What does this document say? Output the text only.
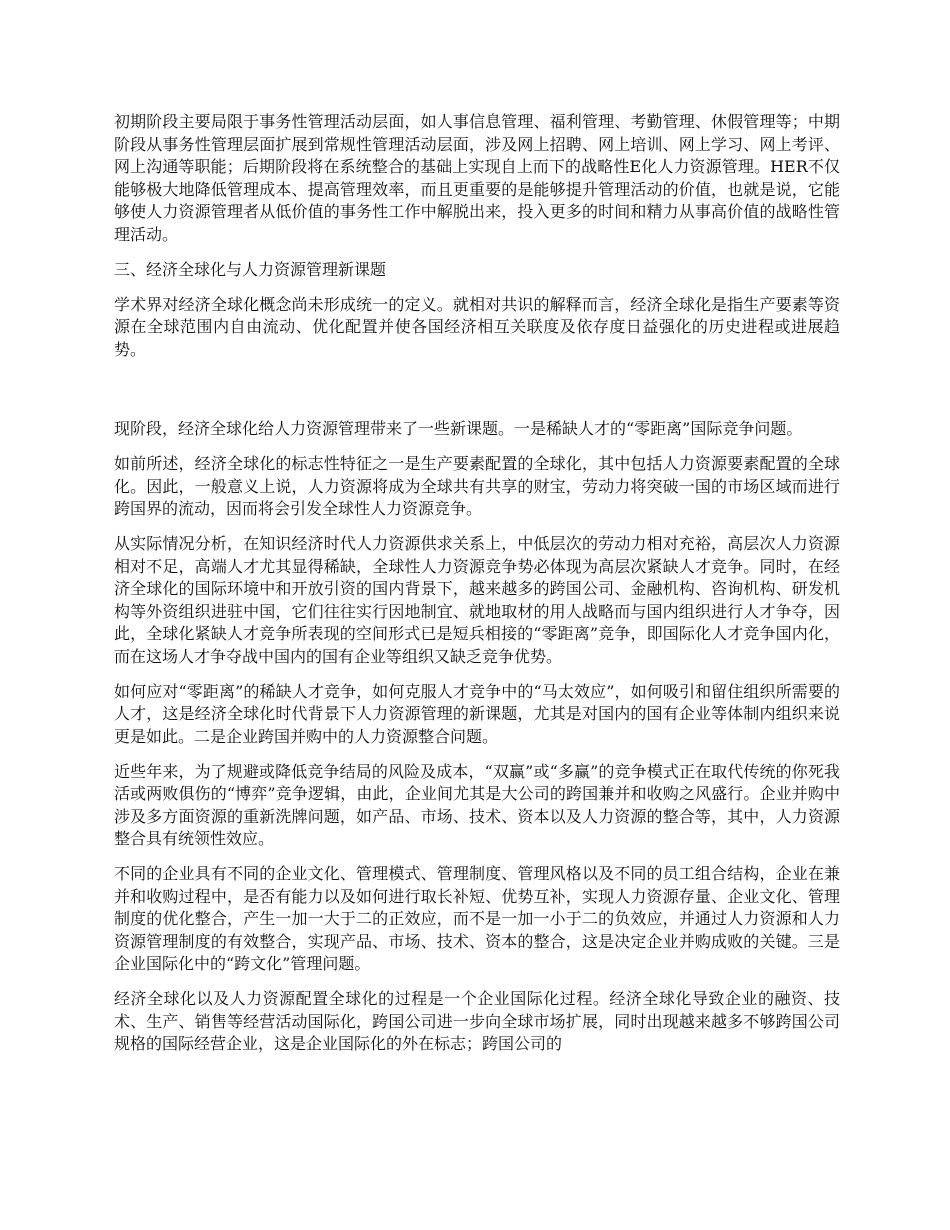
初期阶段主要局限于事务性管理活动层面，如人事信息管理、福利管理、考勤管理、休假管理等；中期阶段从事务性管理层面扩展到常规性管理活动层面，涉及网上招聘、网上培训、网上学习、网上考评、网上沟通等职能；后期阶段将在系统整合的基础上实现自上而下的战略性E化人力资源管理。HER不仅能够极大地降低管理成本、提高管理效率，而且更重要的是能够提升管理活动的价值，也就是说，它能够使人力资源管理者从低价值的事务性工作中解脱出来，投入更多的时间和精力从事高价值的战略性管理活动。

三、经济全球化与人力资源管理新课题

学术界对经济全球化概念尚未形成统一的定义。就相对共识的解释而言，经济全球化是指生产要素等资源在全球范围内自由流动、优化配置并使各国经济相互关联度及依存度日益强化的历史进程或进展趋势。

现阶段，经济全球化给人力资源管理带来了一些新课题。一是稀缺人才的“零距离”国际竞争问题。

如前所述，经济全球化的标志性特征之一是生产要素配置的全球化，其中包括人力资源要素配置的全球化。因此，一般意义上说，人力资源将成为全球共有共享的财宝，劳动力将突破一国的市场区域而进行跨国界的流动，因而将会引发全球性人力资源竞争。

从实际情况分析，在知识经济时代人力资源供求关系上，中低层次的劳动力相对充裕，高层次人力资源相对不足，高端人才尤其显得稀缺，全球性人力资源竞争势必体现为高层次紧缺人才竞争。同时，在经济全球化的国际环境中和开放引资的国内背景下，越来越多的跨国公司、金融机构、咨询机构、研发机构等外资组织进驻中国，它们往往实行因地制宜、就地取材的用人战略而与国内组织进行人才争夺，因此，全球化紧缺人才竞争所表现的空间形式已是短兵相接的“零距离”竞争，即国际化人才竞争国内化，而在这场人才争夺战中国内的国有企业等组织又缺乏竞争优势。

如何应对“零距离”的稀缺人才竞争，如何克服人才竞争中的“马太效应”，如何吸引和留住组织所需要的人才，这是经济全球化时代背景下人力资源管理的新课题，尤其是对国内的国有企业等体制内组织来说更是如此。二是企业跨国并购中的人力资源整合问题。

近些年来，为了规避或降低竞争结局的风险及成本，“双赢”或“多赢”的竞争模式正在取代传统的你死我活或两败俱伤的“博弈”竞争逻辑，由此，企业间尤其是大公司的跨国兼并和收购之风盛行。企业并购中涉及多方面资源的重新洗牌问题，如产品、市场、技术、资本以及人力资源的整合等，其中，人力资源整合具有统领性效应。

不同的企业具有不同的企业文化、管理模式、管理制度、管理风格以及不同的员工组合结构，企业在兼并和收购过程中，是否有能力以及如何进行取长补短、优势互补，实现人力资源存量、企业文化、管理制度的优化整合，产生一加一大于二的正效应，而不是一加一小于二的负效应，并通过人力资源和人力资源管理制度的有效整合，实现产品、市场、技术、资本的整合，这是决定企业并购成败的关键。三是企业国际化中的“跨文化”管理问题。

经济全球化以及人力资源配置全球化的过程是一个企业国际化过程。经济全球化导致企业的融资、技术、生产、销售等经营活动国际化，跨国公司进一步向全球市场扩展，同时出现越来越多不够跨国公司规格的国际经营企业，这是企业国际化的外在标志；跨国公司的
